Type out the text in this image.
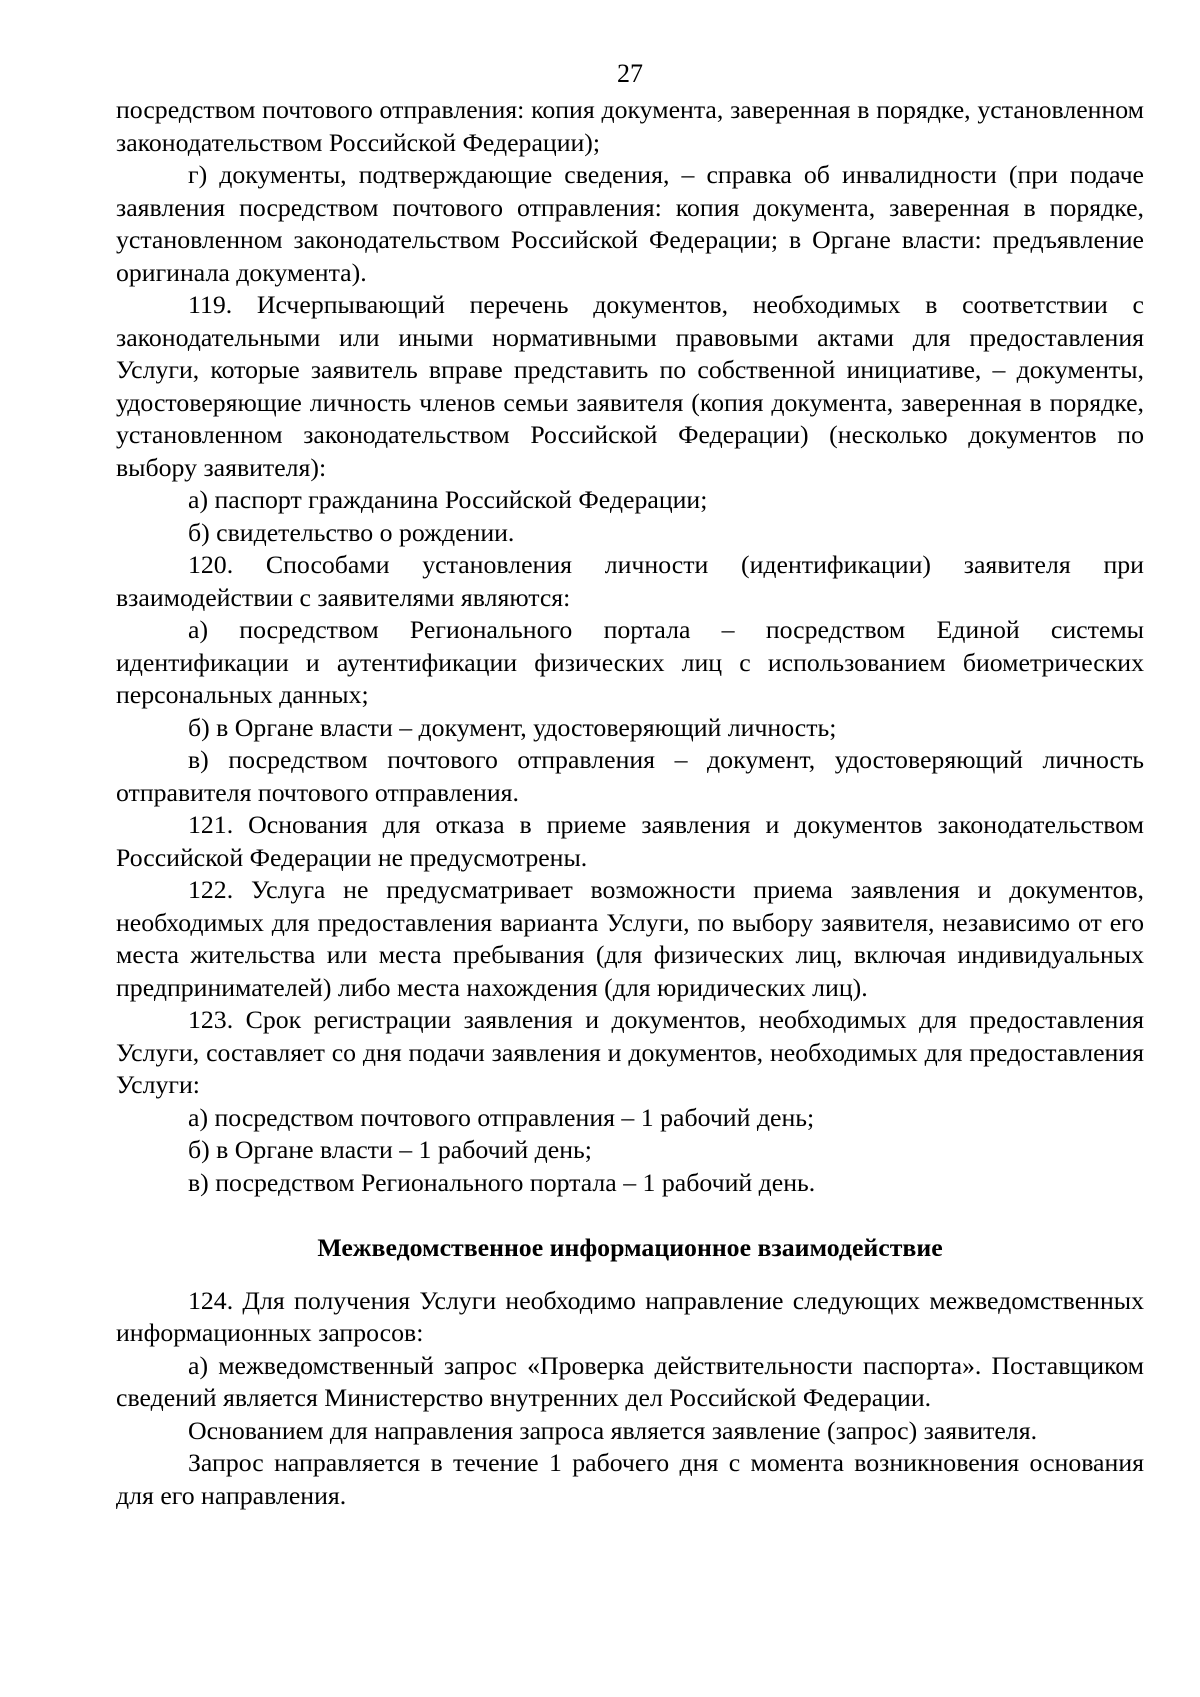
27

посредством почтового отправления: копия документа, заверенная в порядке, установленном законодательством Российской Федерации);

г) документы, подтверждающие сведения, – справка об инвалидности (при подаче заявления посредством почтового отправления: копия документа, заверенная в порядке, установленном законодательством Российской Федерации; в Органе власти: предъявление оригинала документа).

119. Исчерпывающий перечень документов, необходимых в соответствии с законодательными или иными нормативными правовыми актами для предоставления Услуги, которые заявитель вправе представить по собственной инициативе, – документы, удостоверяющие личность членов семьи заявителя (копия документа, заверенная в порядке, установленном законодательством Российской Федерации) (несколько документов по выбору заявителя):

а) паспорт гражданина Российской Федерации;

б) свидетельство о рождении.

120. Способами установления личности (идентификации) заявителя при взаимодействии с заявителями являются:

а) посредством Регионального портала – посредством Единой системы идентификации и аутентификации физических лиц с использованием биометрических персональных данных;

б) в Органе власти – документ, удостоверяющий личность;

в) посредством почтового отправления – документ, удостоверяющий личность отправителя почтового отправления.

121. Основания для отказа в приеме заявления и документов законодательством Российской Федерации не предусмотрены.

122. Услуга не предусматривает возможности приема заявления и документов, необходимых для предоставления варианта Услуги, по выбору заявителя, независимо от его места жительства или места пребывания (для физических лиц, включая индивидуальных предпринимателей) либо места нахождения (для юридических лиц).

123. Срок регистрации заявления и документов, необходимых для предоставления Услуги, составляет со дня подачи заявления и документов, необходимых для предоставления Услуги:

а) посредством почтового отправления – 1 рабочий день;

б) в Органе власти – 1 рабочий день;

в) посредством Регионального портала – 1 рабочий день.

Межведомственное информационное взаимодействие

124. Для получения Услуги необходимо направление следующих межведомственных информационных запросов:

а) межведомственный запрос «Проверка действительности паспорта». Поставщиком сведений является Министерство внутренних дел Российской Федерации.

Основанием для направления запроса является заявление (запрос) заявителя.

Запрос направляется в течение 1 рабочего дня с момента возникновения основания для его направления.
